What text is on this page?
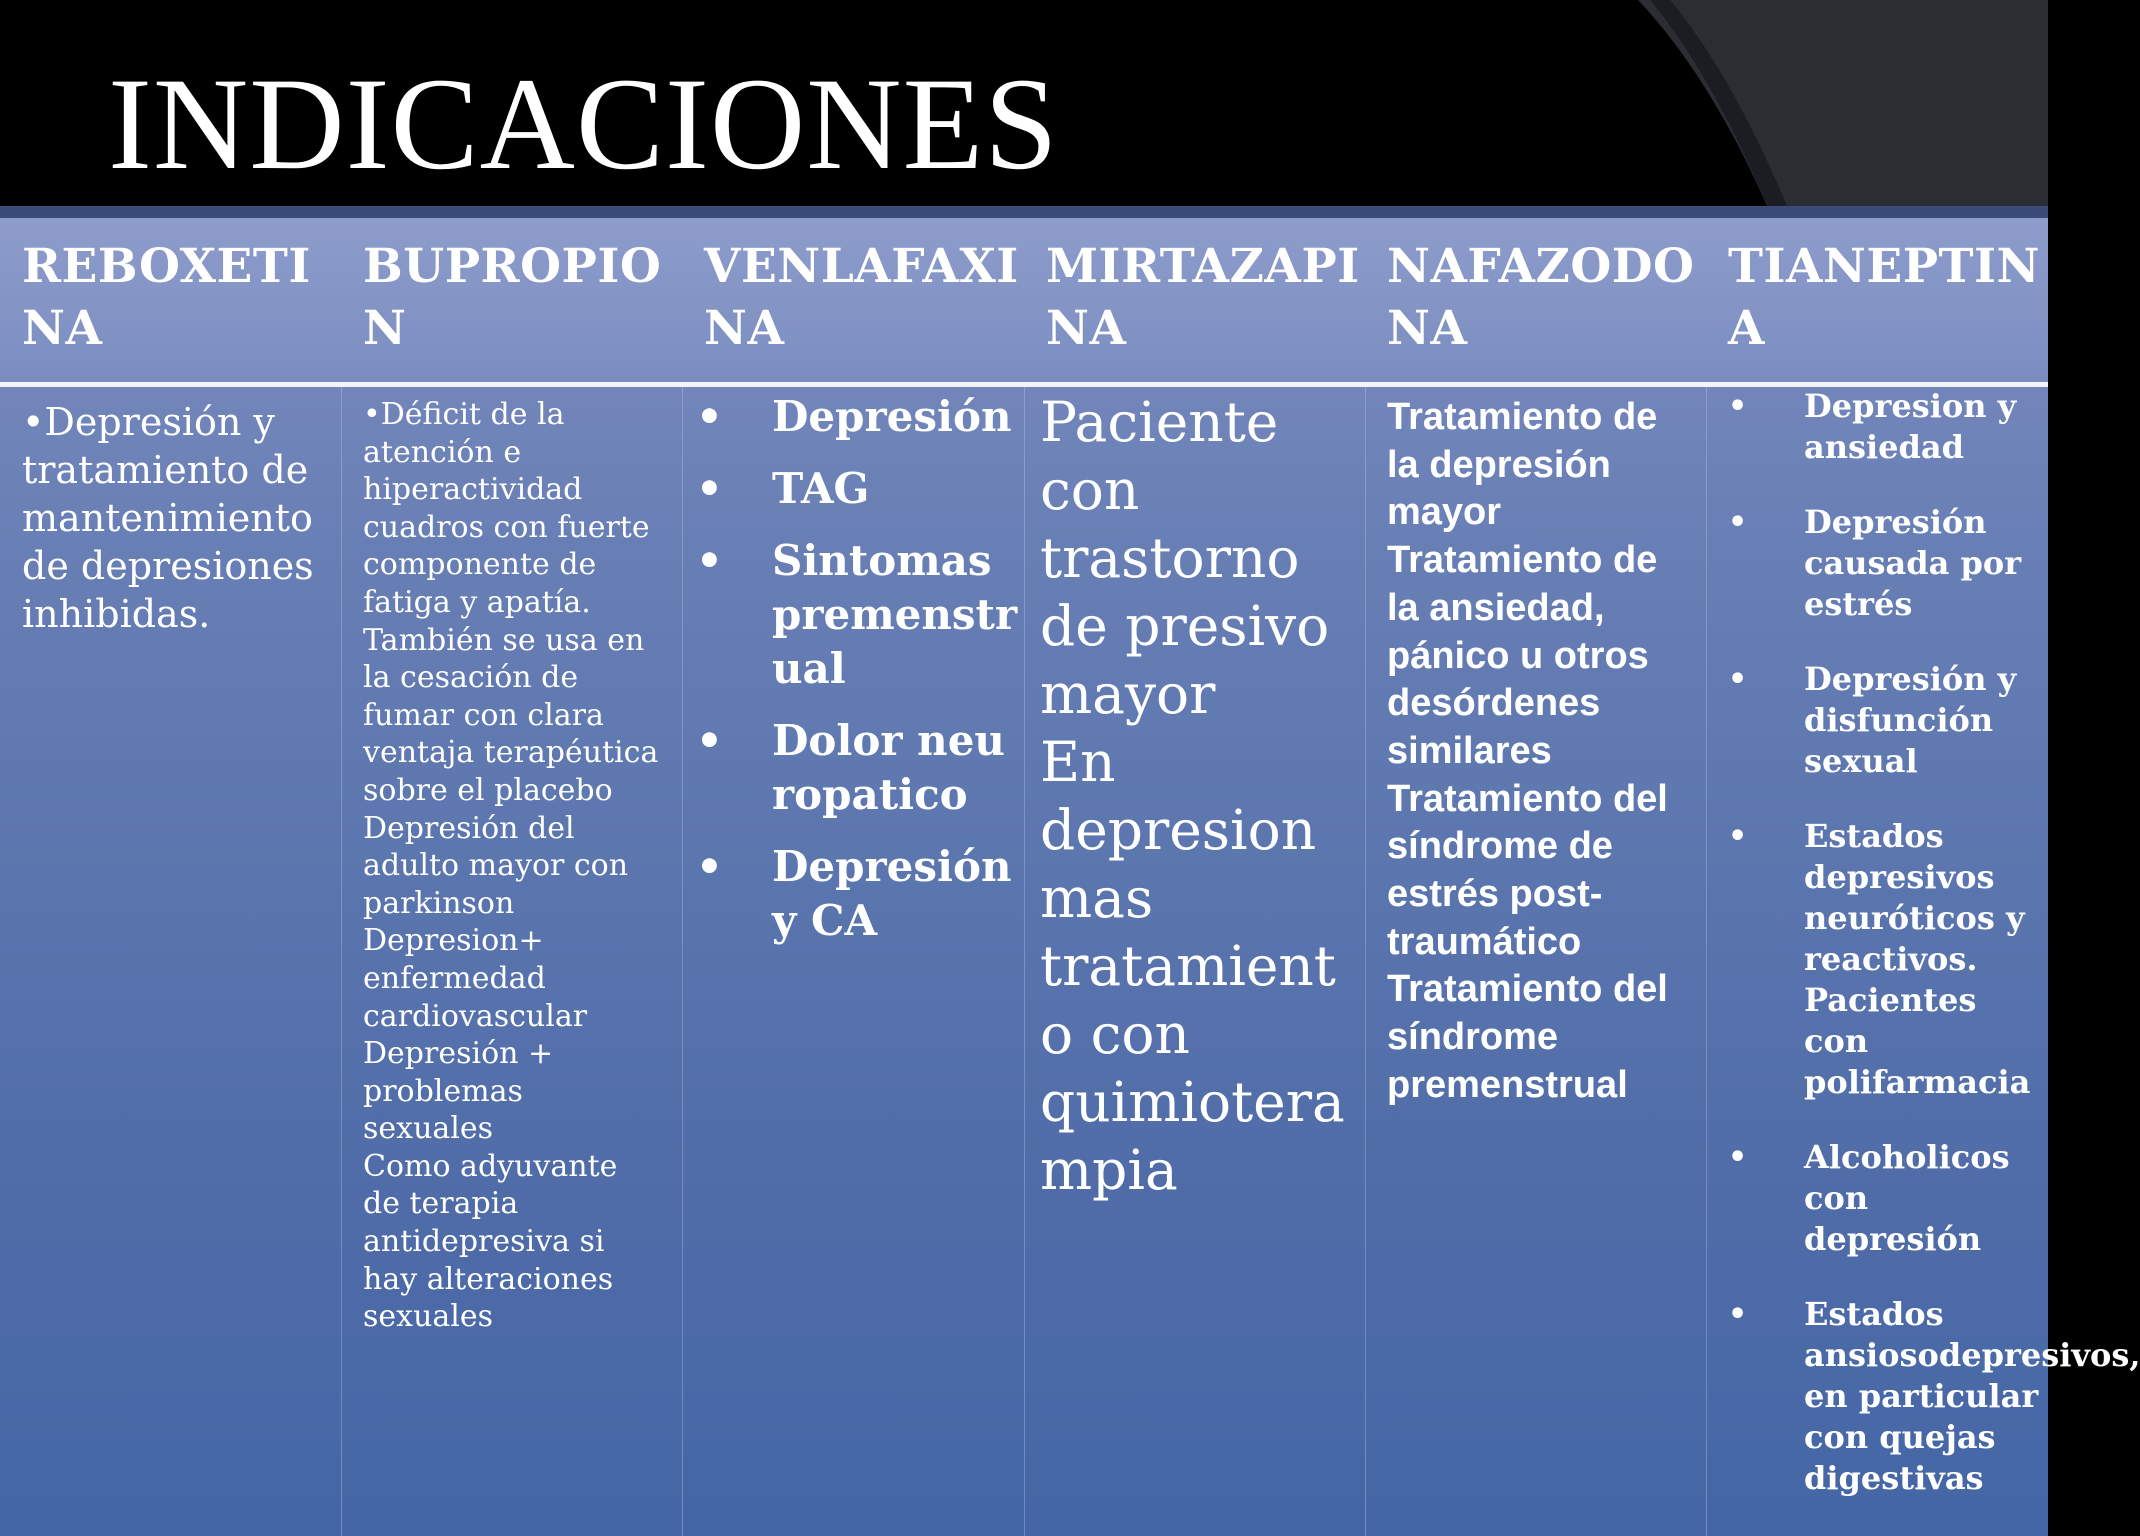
INDICACIONES
REBOXETINA
•Depresión y tratamiento de mantenimiento de depresiones inhibidas.
BUPROPION
•Déficit de la
atención e
hiperactividad
cuadros con fuerte
componente de
fatiga y apatía.
También se usa en
la cesación de
fumar con clara
ventaja terapéutica
sobre el placebo
Depresión del
adulto mayor con
parkinson
Depresion+
enfermedad
cardiovascular
Depresión +
problemas
sexuales
Como adyuvante
de terapia
antidepresiva si
hay alteraciones
sexuales
VENLAFAXINA
• Depresión
• TAG
• Sintomas premenstrual
• Dolor neuropatico
• Depresión y CA
MIRTAZAPINA
Paciente
con
trastorno
de presivo
mayor
En
depresion
mas
tratamient
o con
quimiotera
mpia
NAFAZODONA
Tratamiento de
la depresión
mayor
Tratamiento de
la ansiedad,
pánico u otros
desórdenes
similares
Tratamiento del
síndrome de
estrés post-
traumático
Tratamiento del
síndrome
premenstrual
TIANEPTINA
• Depresion y ansiedad
• Depresión causada por estrés
• Depresión y disfunción sexual
• Estados depresivos neuróticos y reactivos. Pacientes con polifarmacia
• Alcoholicos con depresión
• Estados ansiosodepresivos, en particular con quejas digestivas
